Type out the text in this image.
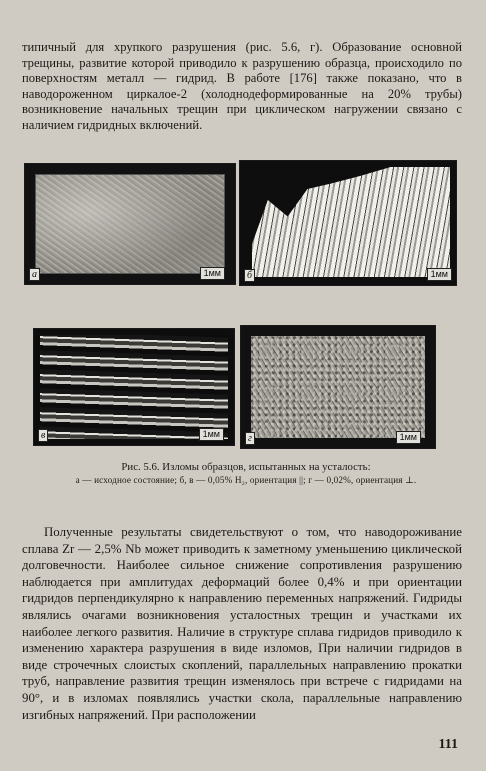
типичный для хрупкого разрушения (рис. 5.6, г). Образование основной трещины, развитие которой приводило к разрушению образца, происходило по поверхностям металл — гидрид. В работе [176] также показано, что в наводороженном циркалое-2 (холоднодеформированные на 20% трубы) возникновение начальных трещин при циклическом нагружении связано с наличием гидридных включений.

а	1мм	б	1мм
в	1мм	г	1мм

Рис. 5.6. Изломы образцов, испытанных на усталость:
а — исходное состояние; б, в — 0,05% H₂, ориентация ||; г — 0,02%, ориентация ⊥.

Полученные результаты свидетельствуют о том, что наводороживание сплава Zr — 2,5% Nb может приводить к заметному уменьшению циклической долговечности. Наиболее сильное снижение сопротивления разрушению наблюдается при амплитудах деформаций более 0,4% и при ориентации гидридов перпендикулярно к направлению переменных напряжений. Гидриды являлись очагами возникновения усталостных трещин и участками их наиболее легкого развития. Наличие в структуре сплава гидридов приводило к изменению характера разрушения в виде изломов, При наличии гидридов в виде строчечных слоистых скоплений, параллельных направлению прокатки труб, направление развития трещин изменялось при встрече с гидридами на 90°, и в изломах появлялись участки скола, параллельные направлению изгибных напряжений. При расположении

111
